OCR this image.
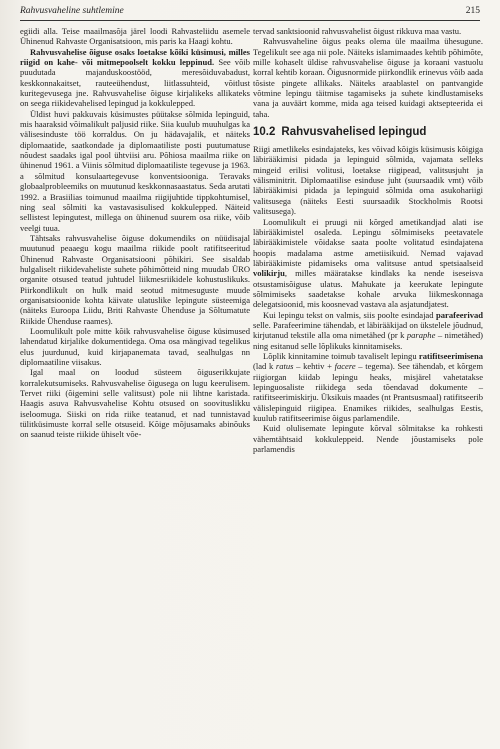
Rahvusvaheline suhtlemine	215

egiidi alla. Teise maailmasõja järel loodi Rahvasteliidu asemele Ühinenud Rahvaste Organisatsioon, mis paris ka Haagi kohtu.

Rahvusvahelise õiguse osaks loetakse kõiki küsimusi, milles riigid on kahe- või mitmepoolselt kokku leppinud. See võib puudutada majanduskoostööd, meresõiduvabadust, keskkonnakaitset, rauteeühendust, liitlassuhteid, võitlust kuritegevusega jne. Rahvusvahelise õiguse kirjalikeks allikateks on seega riikidevahelised lepingud ja kokkulepped.

Üldist huvi pakkuvais küsimustes püütakse sõlmida lepinguid, mis haaraksid võimalikult paljusid riike. Siia kuulub muuhulgas ka välisesinduste töö korraldus. On ju hädavajalik, et näiteks diplomaatide, saatkondade ja diplomaatiliste posti puutumatuse nõudest saadaks igal pool ühtviisi aru. Põhiosa maailma riike on ühinenud 1961. a Viinis sõlmitud diplomaatiliste tegevuse ja 1963. a sõlmitud konsulaartegevuse konventsiooniga. Teravaks globaalprobleemiks on muutunud keskkonnasaastatus. Seda arutati 1992. a Brasiilias toimunud maailma riigijuhtide tippkohtumisel, ning seal sõlmiti ka vastavasisulised kokkulepped. Näiteid sellistest lepingutest, millega on ühinenud suurem osa riike, võib veelgi tuua.

Tähtsaks rahvusvahelise õiguse dokumendiks on nüüdisajal muutunud peaaegu kogu maailma riikide poolt ratifitseeritud Ühinenud Rahvaste Organisatsiooni põhikiri. See sisaldab hulgaliselt riikidevaheliste suhete põhimõtteid ning muudab ÜRO organite otsused teatud juhtudel liikmesriikidele kohustuslikuks. Piirkondlikult on hulk maid seotud mitmesuguste muude organisatsioonide kohta käivate ulatuslike lepingute süsteemiga (näiteks Euroopa Liidu, Briti Rahvaste Ühenduse ja Sõltumatute Riikide Ühenduse raames).

Loomulikult pole mitte kõik rahvusvahelise õiguse küsimused lahendatud kirjalike dokumentidega. Oma osa mängivad tegelikus elus juurdunud, kuid kirjapanemata tavad, sealhulgas nn diplomaatiline viisakus.

Igal maal on loodud süsteem õiguserikkujate korralekutsumiseks. Rahvusvahelise õigusega on lugu keerulisem. Tervet riiki (õigemini selle valitsust) pole nii lihtne karistada. Haagis asuva Rahvusvahelise Kohtu otsused on soovituslikku iseloomuga. Siiski on rida riike teatanud, et nad tunnistavad tülitküsimuste korral selle otsuseid. Kõige mõjusamaks abinõuks on saanud teiste riikide ühiselt võe-

tervad sanktsioonid rahvusvahelist õigust rikkuva maa vastu.

Rahvusvaheline õigus peaks olema üle maailma ühesugune. Tegelikult see aga nii pole. Näiteks islamimaades kehtib põhimõte, mille kohaselt üldise rahvusvahelise õiguse ja koraani vastuolu korral kehtib koraan. Õigusnormide piirkondlik erinevus võib aada tõsiste pingete allikaks. Näiteks araablastel on pantvangide võtmine lepingu täitmise tagamiseks ja suhete kindlustamiseks vana ja auväärt komme, mida aga teised kuidagi aktsepteerida ei taha.

10.2 Rahvusvahelised lepingud

Riigi ametlikeks esindajateks, kes võivad kõigis küsimusis kõigiga läbirääkimisi pidada ja lepinguid sõlmida, vajamata selleks mingeid erilisi volitusi, loetakse riigipead, valitsusjuht ja välisminitrit. Diplomaatilise esinduse juht (suursaadik vmt) võib läbirääkimisi pidada ja lepinguid sõlmida oma asukohariigi valitsusega (näiteks Eesti suursaadik Stockholmis Rootsi valitsusega).

Loomulikult ei pruugi nii kõrged ametikandjad alati ise läbirääkimistel osaleda. Lepingu sõlmimiseks peetavatele läbirääkimistele võidakse saata poolte volitatud esindajatena hoopis madalama astme ametiisikuid. Nemad vajavad läbirääkimiste pidamiseks oma valitsuse antud spetsiaalseid volikirju, milles määratakse kindlaks ka nende iseseisva otsustamisõiguse ulatus. Mahukate ja keerukate lepingute sõlmimiseks saadetakse kohale arvuka liikmeskonnaga delegatsioonid, mis koosnevad vastava ala asjatundjatest.

Kui lepingu tekst on valmis, siis poolte esindajad parafeerivad selle. Parafeerimine tähendab, et läbirääkijad on ükstelele jõudnud, kirjutanud tekstile alla oma nimetähed (pr k paraphe – nimetähed) ning esitanud selle lõplikuks kinnitamiseks.

Lõplik kinnitamine toimub tavaliselt lepingu ratifitseerimisena (lad k ratus – kehtiv + facere – tegema). See tähendab, et kõrgem riigiorgan kiidab lepingu heaks, misjärel vahetatakse lepinguosaliste riikidega seda tõendavad dokumente – ratifitseerimiskirju. Üksikuis maades (nt Prantsusmaal) ratifitseerib välislepinguid riigipea. Enamikes riikides, sealhulgas Eestis, kuulub ratifitseerimise õigus parlamendile.

Kuid olulisemate lepingute kõrval sõlmitakse ka rohkesti vähemtähtsaid kokkuleppeid. Nende jõustamiseks pole parlamendis
